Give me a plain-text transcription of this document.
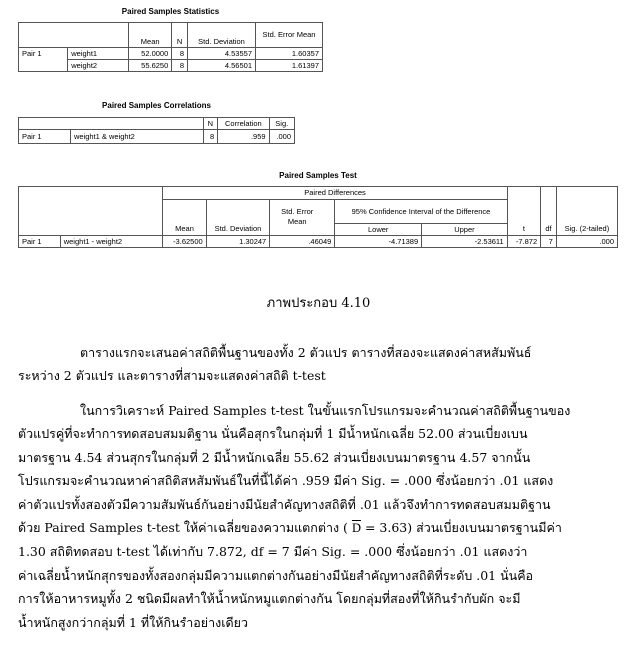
Paired Samples Statistics
		Mean	N	Std. Deviation	Std. Error Mean
Pair 1	weight1	52.0000	8	4.53557	1.60357
	weight2	55.6250	8	4.56501	1.61397
Paired Samples Correlations
		N	Correlation	Sig.
Pair 1	weight1 & weight2	8	.959	.000
Paired Samples Test
		Paired Differences							
					95% Confidence Interval of the Difference				
		Mean	Std. Deviation	Std. Error Mean	Lower	Upper	t	df	Sig. (2-tailed)
Pair 1	weight1 - weight2	-3.62500	1.30247	.46049	-4.71389	-2.53611	-7.872	7	.000
ภาพประกอบ 4.10
ตารางแรกจะเสนอค่าสถิติพื้นฐานของทั้ง 2 ตัวแปร ตารางที่สองจะแสดงค่าสหสัมพันธ์
ระหว่าง 2 ตัวแปร และตารางที่สามจะแสดงค่าสถิติ t-test
ในการวิเคราะห์ Paired Samples t-test ในขั้นแรกโปรแกรมจะคำนวณค่าสถิติพื้นฐานของ
ตัวแปรคู่ที่จะทำการทดสอบสมมติฐาน นั่นคือสุกรในกลุ่มที่ 1 มีน้ำหนักเฉลี่ย 52.00 ส่วนเบี่ยงเบน
มาตรฐาน 4.54 ส่วนสุกรในกลุ่มที่ 2 มีน้ำหนักเฉลี่ย 55.62 ส่วนเบี่ยงเบนมาตรฐาน 4.57 จากนั้น
โปรแกรมจะคำนวณหาค่าสถิติสหสัมพันธ์ในที่นี้ได้ค่า .959 มีค่า Sig. = .000 ซึ่งน้อยกว่า .01 แสดง
ค่าตัวแปรทั้งสองตัวมีความสัมพันธ์กันอย่างมีนัยสำคัญทางสถิติที่ .01 แล้วจึงทำการทดสอบสมมติฐาน
ด้วย Paired Samples t-test ให้ค่าเฉลี่ยของความแตกต่าง ( $\overline{D} = 3.63$) ส่วนเบี่ยงเบนมาตรฐานมีค่า
1.30 สถิติทดสอบ t-test ได้เท่ากับ 7.872, df = 7 มีค่า Sig. = .000 ซึ่งน้อยกว่า .01 แสดงว่า
ค่าเฉลี่ยน้ำหนักสุกรของทั้งสองกลุ่มมีความแตกต่างกันอย่างมีนัยสำคัญทางสถิติที่ระดับ .01 นั่นคือ
การให้อาหารหมูทั้ง 2 ชนิดมีผลทำให้น้ำหนักหมูแตกต่างกัน โดยกลุ่มที่สองที่ให้กินรำกับผัก จะมี
น้ำหนักสูงกว่ากลุ่มที่ 1 ที่ให้กินรำอย่างเดียว
